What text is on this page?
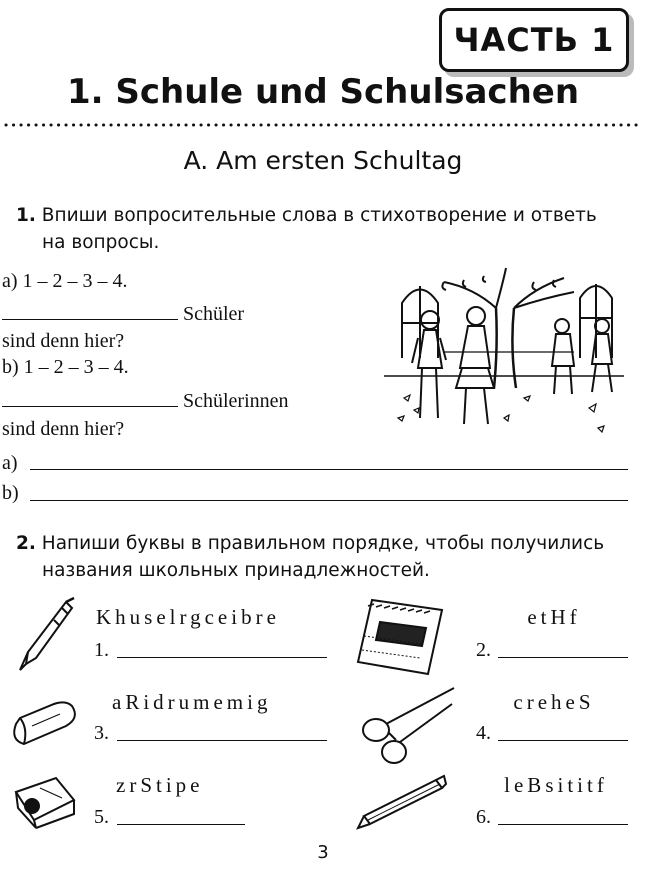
ЧАСТЬ 1
1. Schule und Schulsachen
A. Am ersten Schultag
1. Впиши вопросительные слова в стихотворение и ответь
на вопросы.
a) 1 – 2 – 3 – 4.
Schüler
sind denn hier?
b) 1 – 2 – 3 – 4.
Schülerinnen
sind denn hier?
a)
b)
2. Напиши буквы в правильном порядке, чтобы получились
названия школьных принадлежностей.
Khuselrgceibre
1.
etHf
2.
aRidrumemig
3.
creheS
4.
zrStipe
5.
leBsititf
6.
3
